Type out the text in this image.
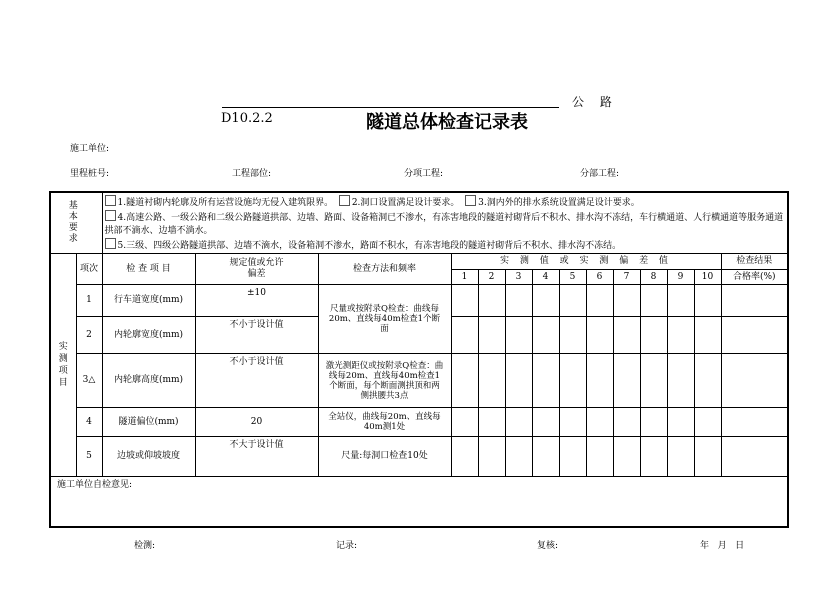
公 路
D10.2.2	隧道总体检查记录表
施工单位:
里程桩号:	工程部位:	分项工程:	分部工程:
基本要求		1.隧道衬砌内轮廓及所有运营设施均无侵入建筑限界。 2.洞口设置满足设计要求。 3.洞内外的排水系统设置满足设计要求。
4.高速公路、一级公路和二级公路隧道拱部、边墙、路面、设备箱洞已不渗水，有冻害地段的隧道衬砌背后不积水、排水沟不冻结，车行横通道、人行横通道等服务通道拱部不滴水、边墙不淌水。
5.三级、四级公路隧道拱部、边墙不滴水，设备箱洞不渗水，路面不积水，有冻害地段的隧道衬砌背后不积水、排水沟不冻结。													

实测项目	项次	检 查 项 目	规定值或允许偏差	检查方法和频率	实 测 值 或 实 测 偏 差 值										检查结果
					1	2	3	4	5	6	7	8	9	10	合格率(%)
	1	行车道宽度(mm)	±10	尺量或按附录Q检查：曲线每20m、直线每40m检查1个断面											
	2	内轮廓宽度(mm)	不小于设计值												
	3△	内轮廓高度(mm)	不小于设计值	激光测距仪或按附录Q检查：曲线每20m、直线每40m检查1个断面，每个断面测拱顶和两侧拱腰共3点											
	4	隧道偏位(mm)	20	全站仪，曲线每20m、直线每40m测1处											
	5	边坡或仰坡坡度	不大于设计值	尺量:每洞口检查10处											
施工单位自检意见:															
检测:	记录:	复核:	年   月   日
